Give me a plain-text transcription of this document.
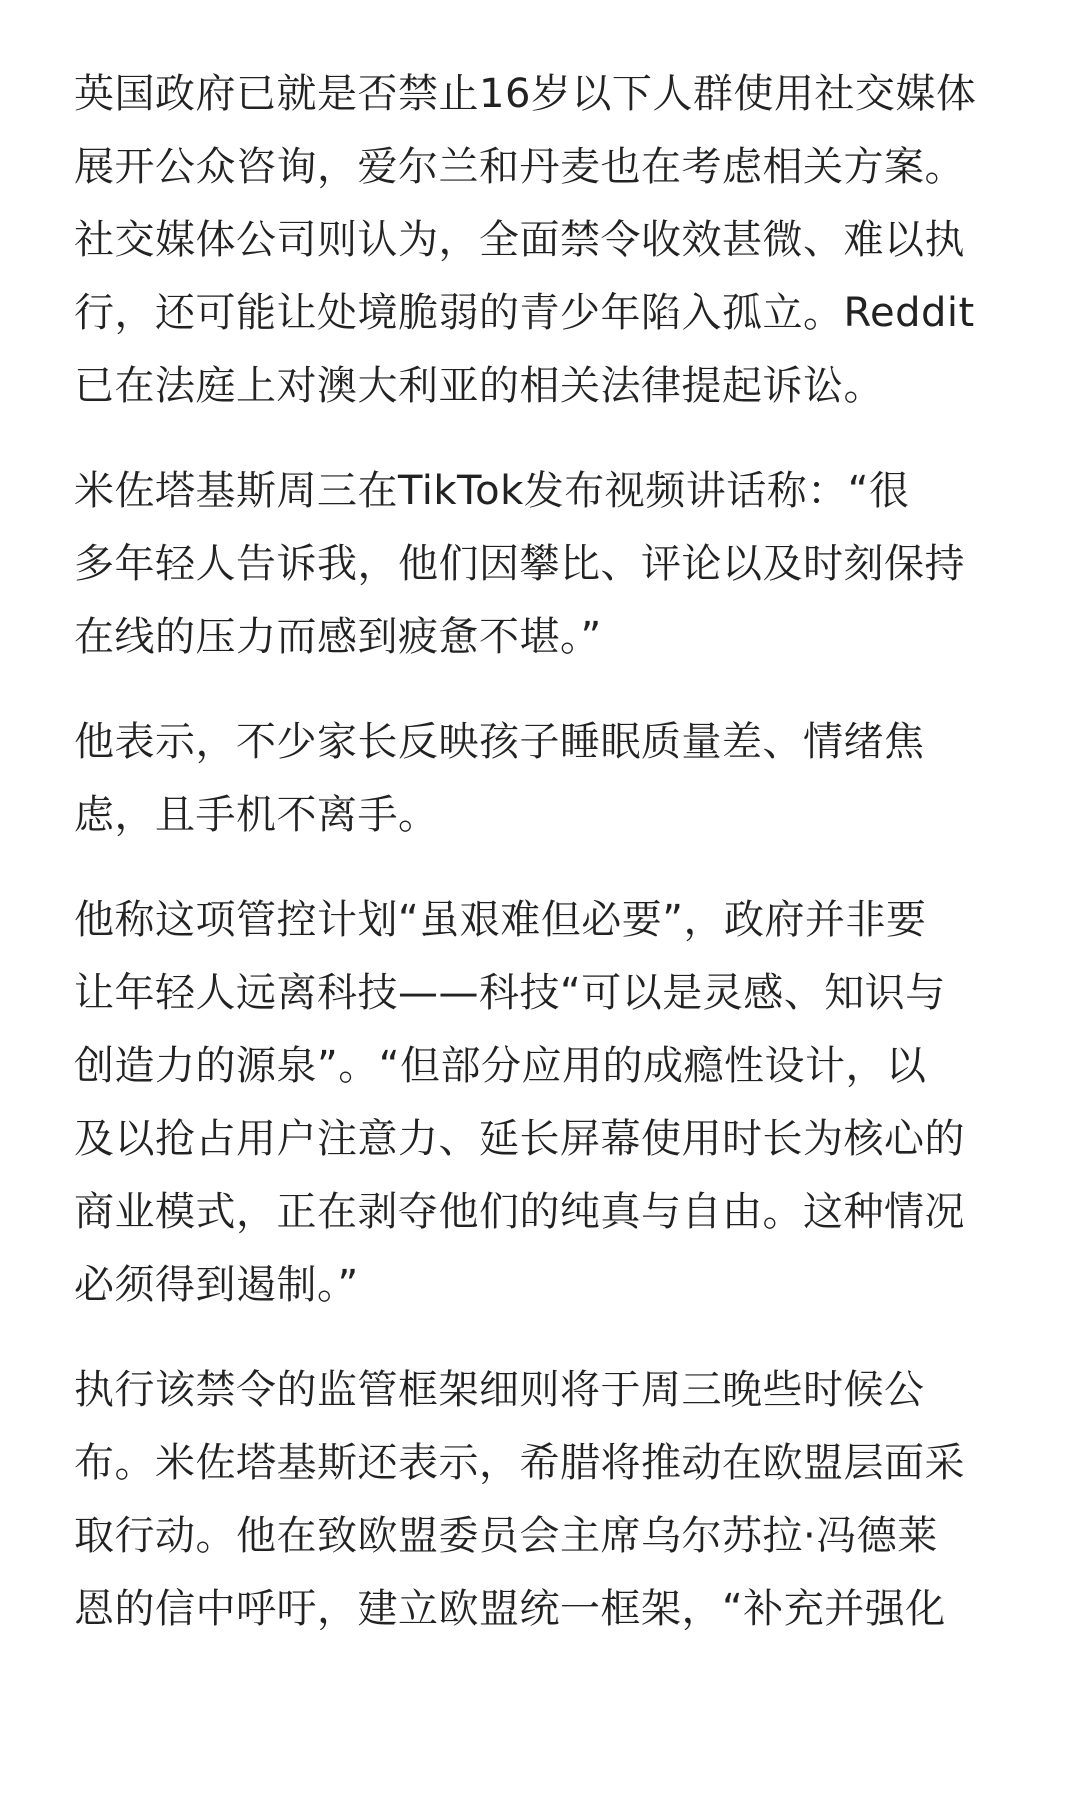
英国政府已就是否禁止16岁以下人群使用社交媒体
展开公众咨询，爱尔兰和丹麦也在考虑相关方案。
社交媒体公司则认为，全面禁令收效甚微、难以执
行，还可能让处境脆弱的青少年陷入孤立。Reddit
已在法庭上对澳大利亚的相关法律提起诉讼。

米佐塔基斯周三在TikTok发布视频讲话称：“很
多年轻人告诉我，他们因攀比、评论以及时刻保持
在线的压力而感到疲惫不堪。”

他表示，不少家长反映孩子睡眠质量差、情绪焦
虑，且手机不离手。

他称这项管控计划“虽艰难但必要”，政府并非要
让年轻人远离科技——科技“可以是灵感、知识与
创造力的源泉”。“但部分应用的成瘾性设计，以
及以抢占用户注意力、延长屏幕使用时长为核心的
商业模式，正在剥夺他们的纯真与自由。这种情况
必须得到遏制。”

执行该禁令的监管框架细则将于周三晚些时候公
布。米佐塔基斯还表示，希腊将推动在欧盟层面采
取行动。他在致欧盟委员会主席乌尔苏拉·冯德莱
恩的信中呼吁，建立欧盟统一框架，“补充并强化
